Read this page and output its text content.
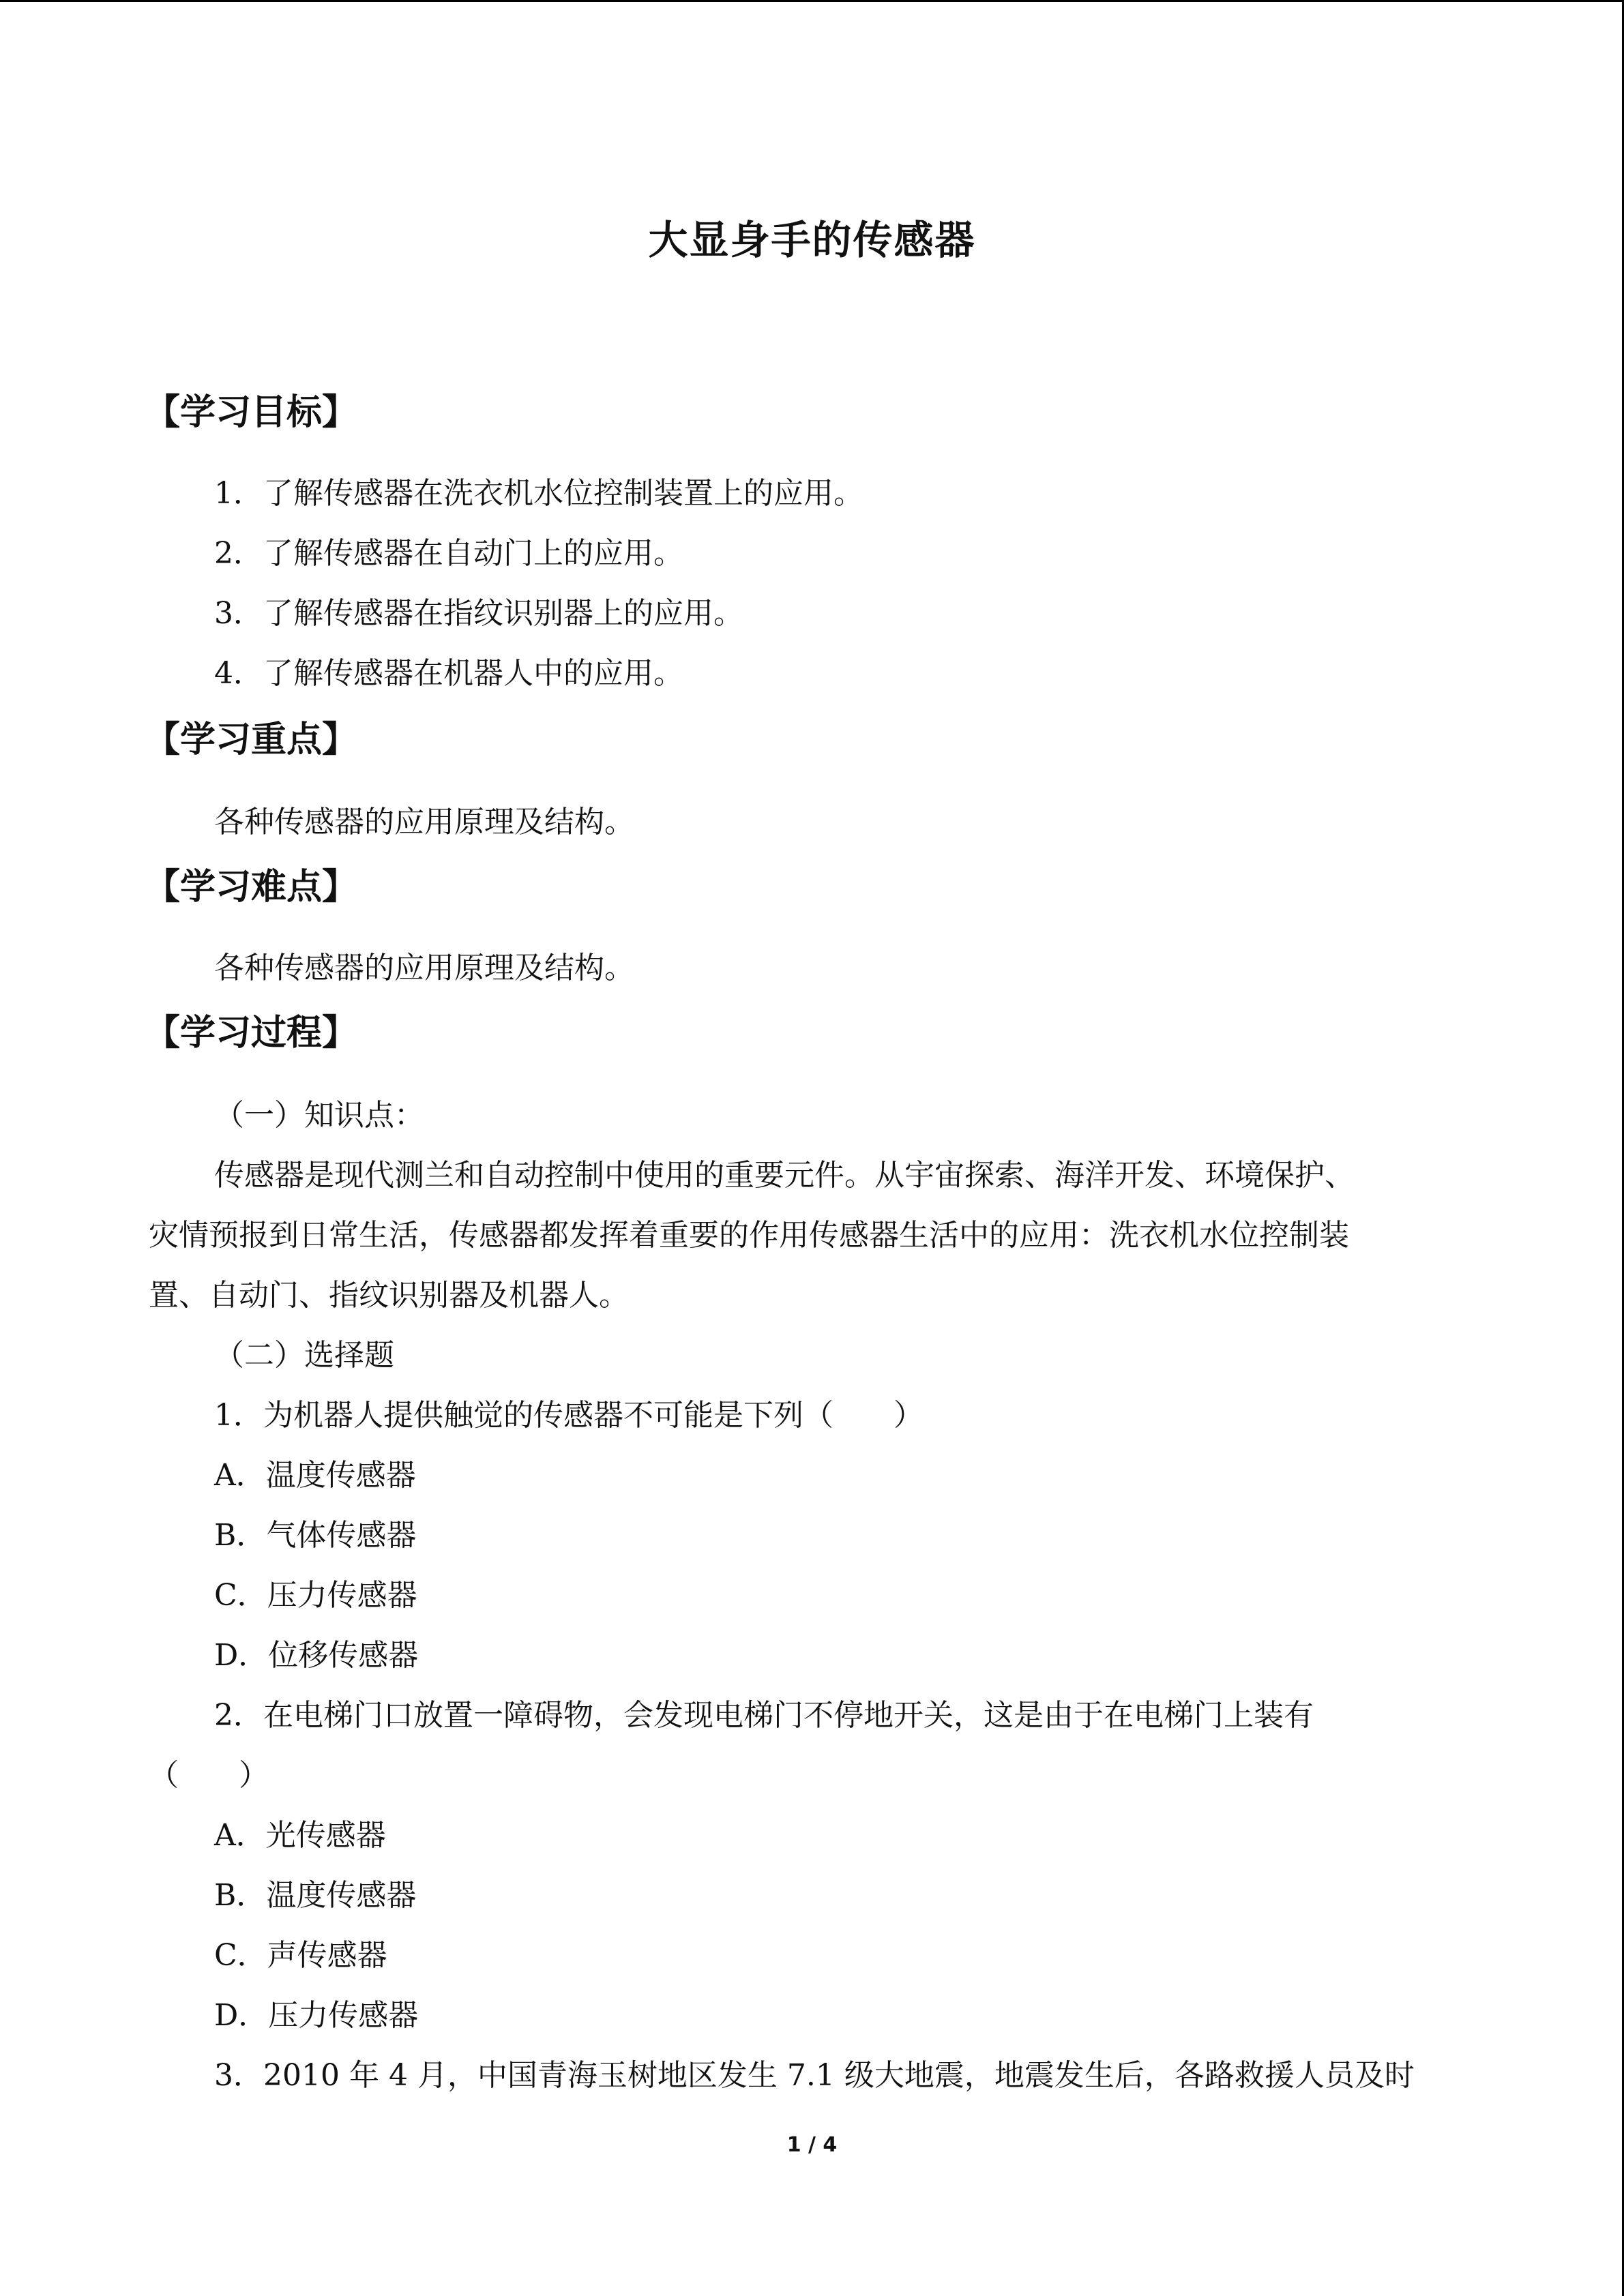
大显身手的传感器
【学习目标】
1．了解传感器在洗衣机水位控制装置上的应用。
2．了解传感器在自动门上的应用。
3．了解传感器在指纹识别器上的应用。
4．了解传感器在机器人中的应用。
【学习重点】
各种传感器的应用原理及结构。
【学习难点】
各种传感器的应用原理及结构。
【学习过程】
（一）知识点：
传感器是现代测兰和自动控制中使用的重要元件。从宇宙探索、海洋开发、环境保护、
灾情预报到日常生活，传感器都发挥着重要的作用传感器生活中的应用：洗衣机水位控制装
置、自动门、指纹识别器及机器人。
（二）选择题
1．为机器人提供触觉的传感器不可能是下列（　　）
A．温度传感器
B．气体传感器
C．压力传感器
D．位移传感器
2．在电梯门口放置一障碍物，会发现电梯门不停地开关，这是由于在电梯门上装有
（　　）
A．光传感器
B．温度传感器
C．声传感器
D．压力传感器
3．2010 年 4 月，中国青海玉树地区发生 7.1 级大地震，地震发生后，各路救援人员及时
1 / 4
